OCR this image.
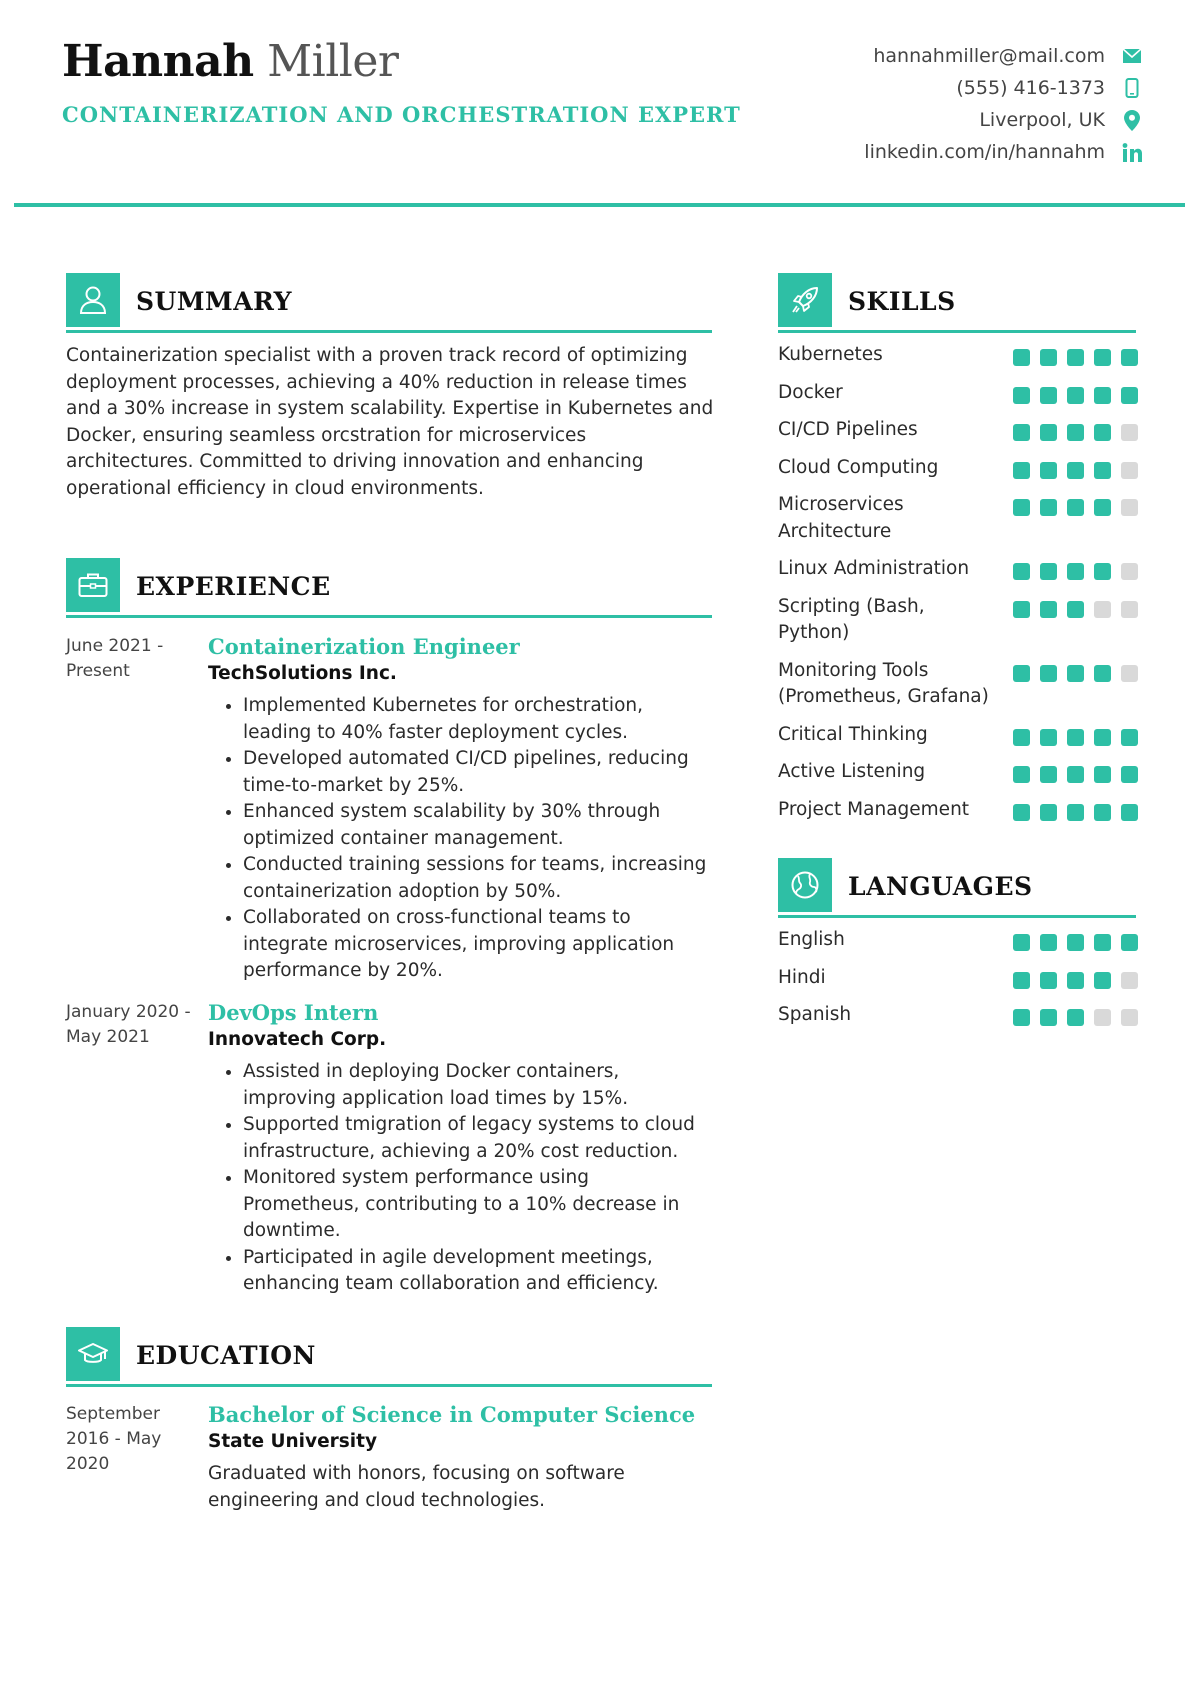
Hannah Miller
CONTAINERIZATION AND ORCHESTRATION EXPERT
hannahmiller@mail.com
(555) 416-1373
Liverpool, UK
linkedin.com/in/hannahm
SUMMARY
Containerization specialist with a proven track record of optimizing deployment processes, achieving a 40% reduction in release times and a 30% increase in system scalability. Expertise in Kubernetes and Docker, ensuring seamless orcstration for microservices architectures. Committed to driving innovation and enhancing operational efficiency in cloud environments.
EXPERIENCE
June 2021 - Present
Containerization Engineer
TechSolutions Inc.
• Implemented Kubernetes for orchestration, leading to 40% faster deployment cycles.
• Developed automated CI/CD pipelines, reducing time-to-market by 25%.
• Enhanced system scalability by 30% through optimized container management.
• Conducted training sessions for teams, increasing containerization adoption by 50%.
• Collaborated on cross-functional teams to integrate microservices, improving application performance by 20%.
January 2020 - May 2021
DevOps Intern
Innovatech Corp.
• Assisted in deploying Docker containers, improving application load times by 15%.
• Supported tmigration of legacy systems to cloud infrastructure, achieving a 20% cost reduction.
• Monitored system performance using Prometheus, contributing to a 10% decrease in downtime.
• Participated in agile development meetings, enhancing team collaboration and efficiency.
EDUCATION
September 2016 - May 2020
Bachelor of Science in Computer Science
State University
Graduated with honors, focusing on software engineering and cloud technologies.
SKILLS
Kubernetes
Docker
CI/CD Pipelines
Cloud Computing
Microservices Architecture
Linux Administration
Scripting (Bash, Python)
Monitoring Tools (Prometheus, Grafana)
Critical Thinking
Active Listening
Project Management
LANGUAGES
English
Hindi
Spanish
